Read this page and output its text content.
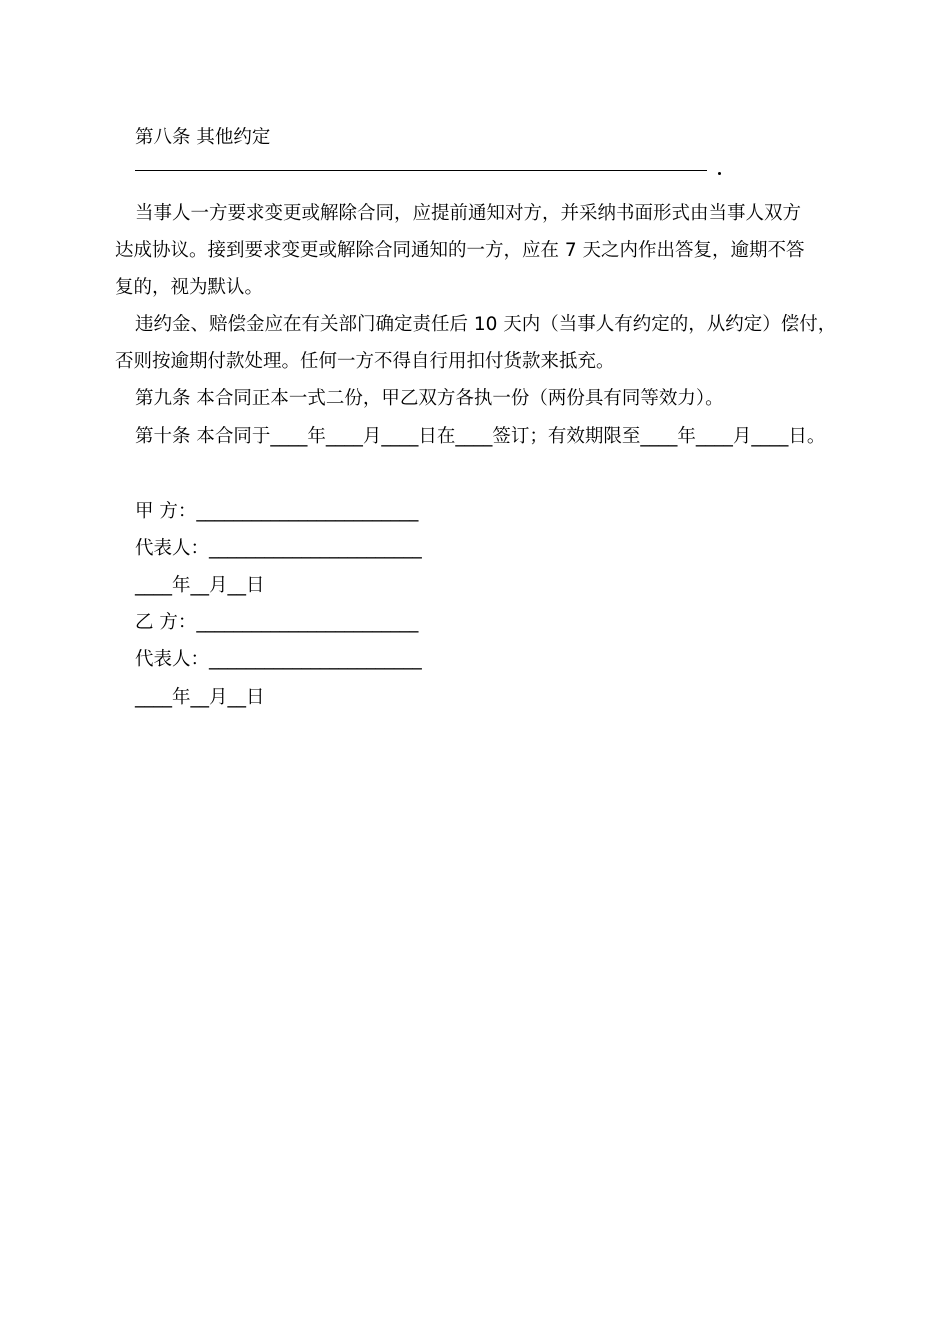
第八条 其他约定
当事人一方要求变更或解除合同，应提前通知对方，并采纳书面形式由当事人双方
达成协议。接到要求变更或解除合同通知的一方，应在 7 天之内作出答复，逾期不答
复的，视为默认。
违约金、赔偿金应在有关部门确定责任后 10 天内（当事人有约定的，从约定）偿付，
否则按逾期付款处理。任何一方不得自行用扣付货款来抵充。
第九条 本合同正本一式二份，甲乙双方各执一份（两份具有同等效力）。
第十条 本合同于____年____月____日在____签订；有效期限至____年____月____日。
甲 方：________________________
代表人：_______________________
____年__月__日
乙 方：________________________
代表人：_______________________
____年__月__日
